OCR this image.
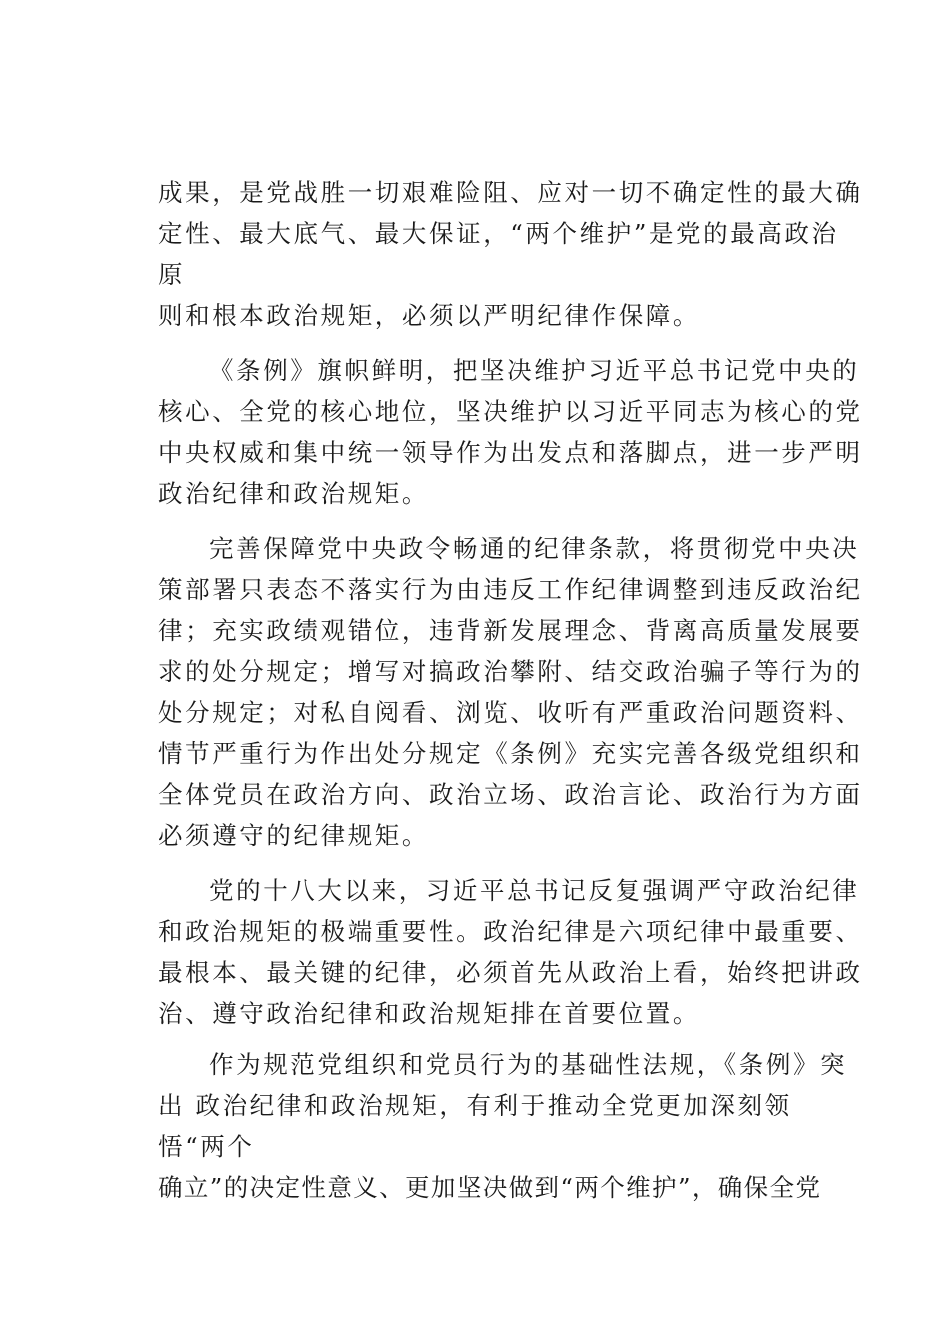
成果，是党战胜一切艰难险阻、应对一切不确定性的最大确
定性、最大底气、最大保证，“两个维护”是党的最高政治
原
则和根本政治规矩，必须以严明纪律作保障。
《条例》旗帜鲜明，把坚决维护习近平总书记党中央的
核心、全党的核心地位，坚决维护以习近平同志为核心的党
中央权威和集中统一领导作为出发点和落脚点，进一步严明
政治纪律和政治规矩。
完善保障党中央政令畅通的纪律条款，将贯彻党中央决
策部署只表态不落实行为由违反工作纪律调整到违反政治纪
律；充实政绩观错位，违背新发展理念、背离高质量发展要
求的处分规定；增写对搞政治攀附、结交政治骗子等行为的
处分规定；对私自阅看、浏览、收听有严重政治问题资料、
情节严重行为作出处分规定《条例》充实完善各级党组织和
全体党员在政治方向、政治立场、政治言论、政治行为方面
必须遵守的纪律规矩。
党的十八大以来，习近平总书记反复强调严守政治纪律
和政治规矩的极端重要性。政治纪律是六项纪律中最重要、
最根本、最关键的纪律，必须首先从政治上看，始终把讲政
治、遵守政治纪律和政治规矩排在首要位置。
作为规范党组织和党员行为的基础性法规，《条例》突
出 政治纪律和政治规矩，有利于推动全党更加深刻领
悟“两个
确立”的决定性意义、更加坚决做到“两个维护”，确保全党
